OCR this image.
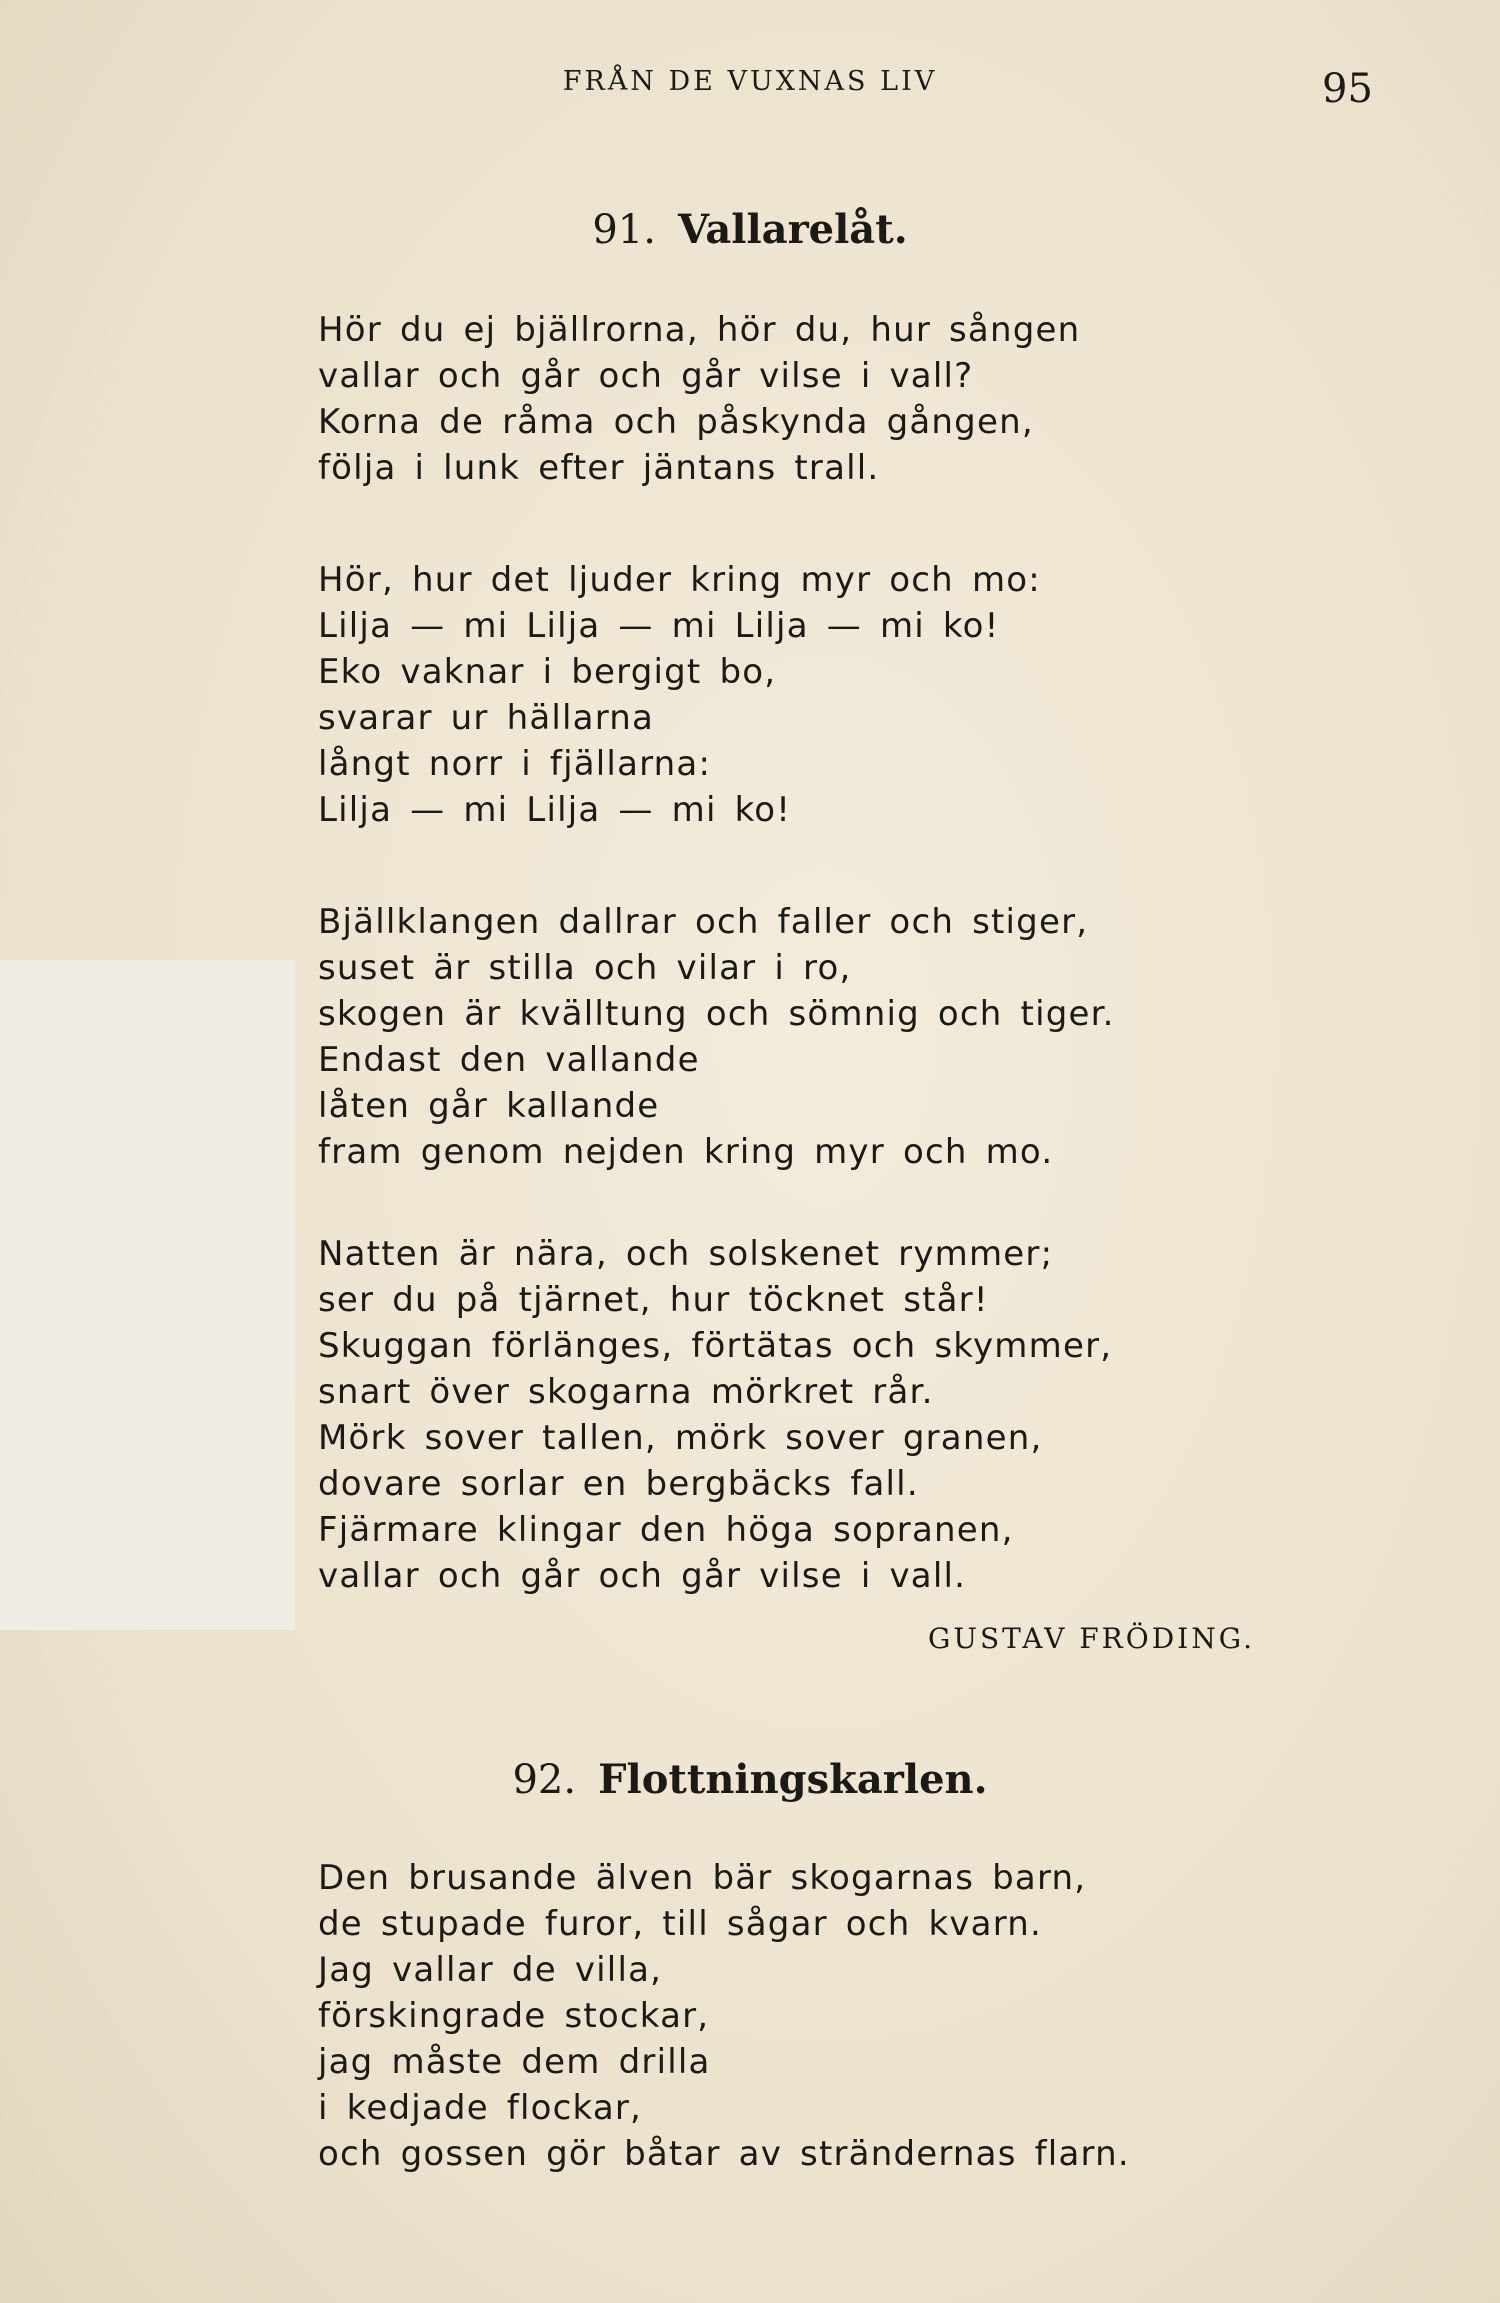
FRÅN DE VUXNAS LIV	95
91. Vallarelåt.
Hör du ej bjällrorna, hör du, hur sången
vallar och går och går vilse i vall?
Korna de råma och påskynda gången,
följa i lunk efter jäntans trall.
Hör, hur det ljuder kring myr och mo:
Lilja — mi Lilja — mi Lilja — mi ko!
Eko vaknar i bergigt bo,
svarar ur hällarna
långt norr i fjällarna:
Lilja — mi Lilja — mi ko!
Bjällklangen dallrar och faller och stiger,
suset är stilla och vilar i ro,
skogen är kvälltung och sömnig och tiger.
Endast den vallande
låten går kallande
fram genom nejden kring myr och mo.
Natten är nära, och solskenet rymmer;
ser du på tjärnet, hur töcknet står!
Skuggan förlänges, förtätas och skymmer,
snart över skogarna mörkret rår.
Mörk sover tallen, mörk sover granen,
dovare sorlar en bergbäcks fall.
Fjärmare klingar den höga sopranen,
vallar och går och går vilse i vall.
GUSTAV FRÖDING.
92. Flottningskarlen.
Den brusande älven bär skogarnas barn,
de stupade furor, till sågar och kvarn.
Jag vallar de villa,
förskingrade stockar,
jag måste dem drilla
i kedjade flockar,
och gossen gör båtar av strändernas flarn.
